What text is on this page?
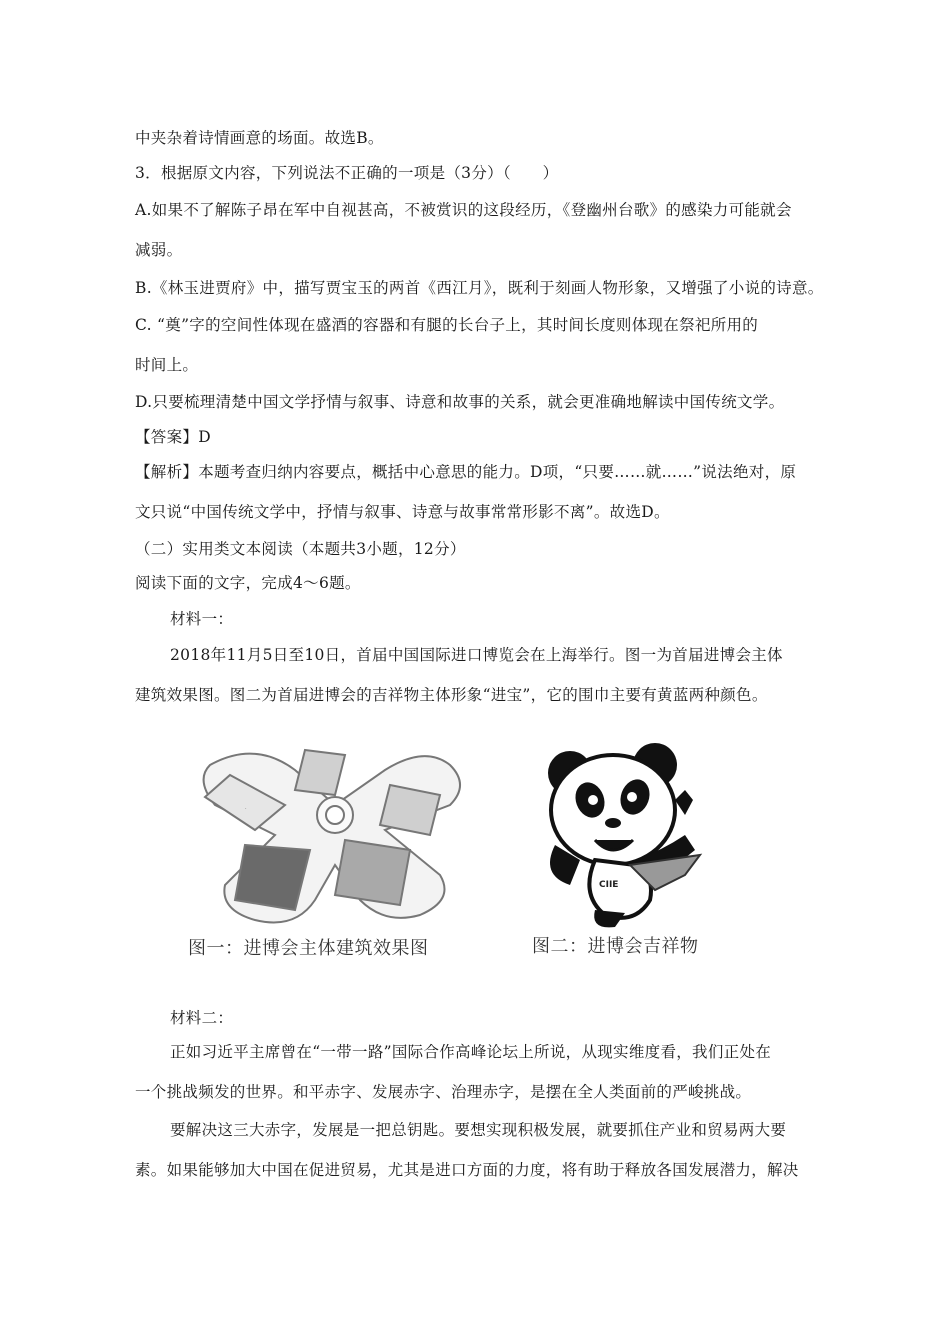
中夹杂着诗情画意的场面。故选B。
3．根据原文内容，下列说法不正确的一项是（3分）（　　）
A.如果不了解陈子昂在军中自视甚高，不被赏识的这段经历，《登幽州台歌》的感染力可能就会
减弱。
B.《林玉进贾府》中，描写贾宝玉的两首《西江月》，既利于刻画人物形象，又增强了小说的诗意。
C. “奠”字的空间性体现在盛酒的容器和有腿的长台子上，其时间长度则体现在祭祀所用的
时间上。
D.只要梳理清楚中国文学抒情与叙事、诗意和故事的关系，就会更准确地解读中国传统文学。
【答案】D
【解析】本题考查归纳内容要点，概括中心意思的能力。D项，“只要……就……”说法绝对，原
文只说“中国传统文学中，抒情与叙事、诗意与故事常常形影不离”。故选D。
（二）实用类文本阅读（本题共3小题，12分）
阅读下面的文字，完成4～6题。
材料一：
2018年11月5日至10日，首届中国国际进口博览会在上海举行。图一为首届进博会主体
建筑效果图。图二为首届进博会的吉祥物主体形象“进宝”，它的围巾主要有黄蓝两种颜色。
·
图一：进博会主体建筑效果图
CIIE
图二：进博会吉祥物
材料二：
正如习近平主席曾在“一带一路”国际合作高峰论坛上所说，从现实维度看，我们正处在
一个挑战频发的世界。和平赤字、发展赤字、治理赤字，是摆在全人类面前的严峻挑战。
要解决这三大赤字，发展是一把总钥匙。要想实现积极发展，就要抓住产业和贸易两大要
素。如果能够加大中国在促进贸易，尤其是进口方面的力度，将有助于释放各国发展潜力，解决
